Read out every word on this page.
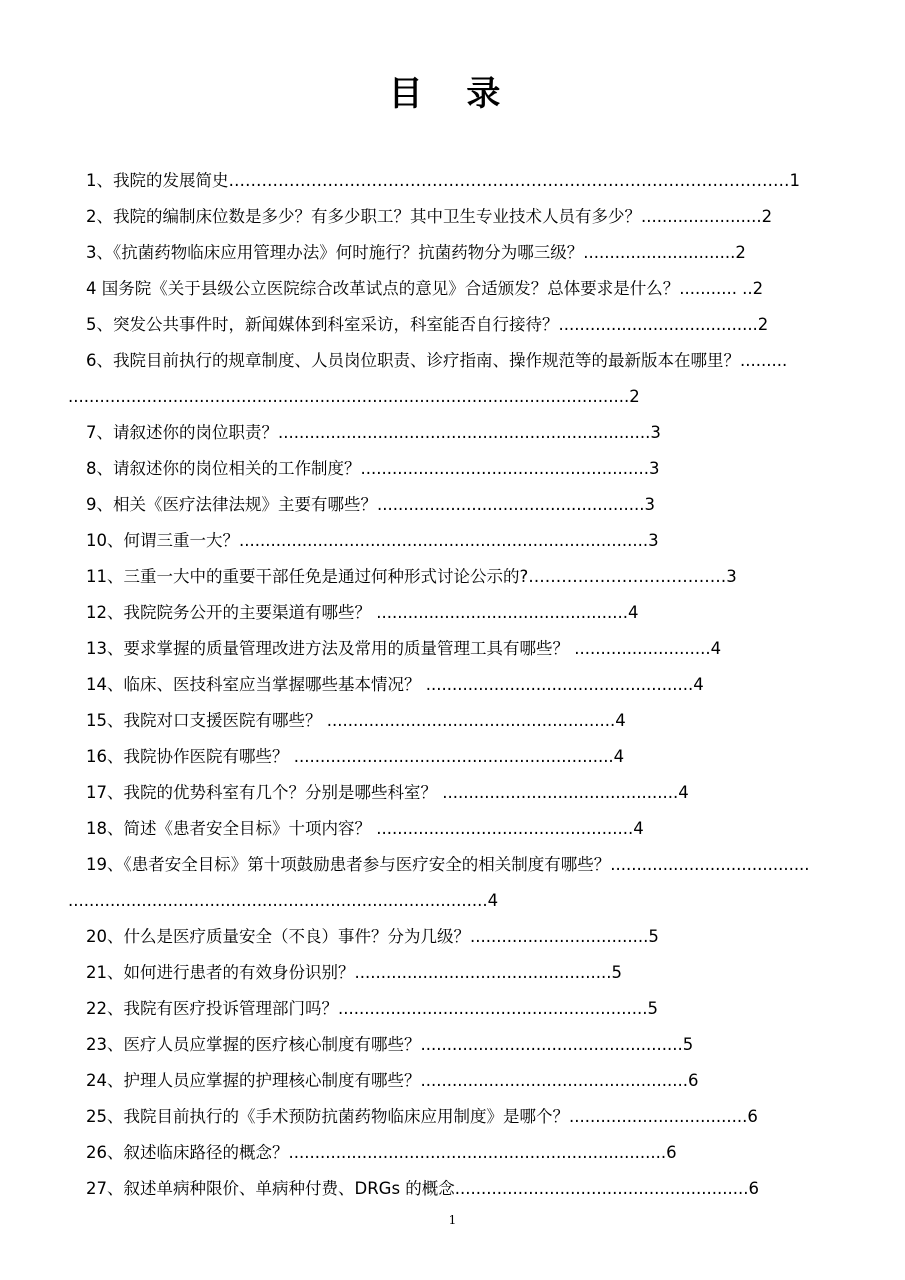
目 录
1、我院的发展简史…………………………………………………………………………………………1
2、我院的编制床位数是多少？有多少职工？其中卫生专业技术人员有多少？.......................2
3、《抗菌药物临床应用管理办法》何时施行？抗菌药物分为哪三级？.............................2
4 国务院《关于县级公立医院综合改革试点的意见》合适颁发？总体要求是什么？........... ..2
5、突发公共事件时，新闻媒体到科室采访，科室能否自行接待？......................................2
6、我院目前执行的规章制度、人员岗位职责、诊疗指南、操作规范等的最新版本在哪里？.........
...........................................................................................................2
7、请叙述你的岗位职责？.......................................................................3
8、请叙述你的岗位相关的工作制度？.......................................................3
9、相关《医疗法律法规》主要有哪些？...................................................3
10、何谓三重一大？..............................................................................3
11、三重一大中的重要干部任免是通过何种形式讨论公示的?………………………………3
12、我院院务公开的主要渠道有哪些？ ................................................4
13、要求掌握的质量管理改进方法及常用的质量管理工具有哪些？ ..........................4
14、临床、医技科室应当掌握哪些基本情况？ ...................................................4
15、我院对口支援医院有哪些？ .......................................................4
16、我院协作医院有哪些？ .............................................................4
17、我院的优势科室有几个？分别是哪些科室？ .............................................4
18、简述《患者安全目标》十项内容？ .................................................4
19、《患者安全目标》第十项鼓励患者参与医疗安全的相关制度有哪些？......................................
................................................................................4
20、什么是医疗质量安全（不良）事件？分为几级？..................................5
21、如何进行患者的有效身份识别？.................................................5
22、我院有医疗投诉管理部门吗？...........................................................5
23、医疗人员应掌握的医疗核心制度有哪些？..................................................5
24、护理人员应掌握的护理核心制度有哪些？...................................................6
25、我院目前执行的《手术预防抗菌药物临床应用制度》是哪个？..................................6
26、叙述临床路径的概念？........................................................................6
27、叙述单病种限价、单病种付费、DRGs 的概念........................................................6
1
